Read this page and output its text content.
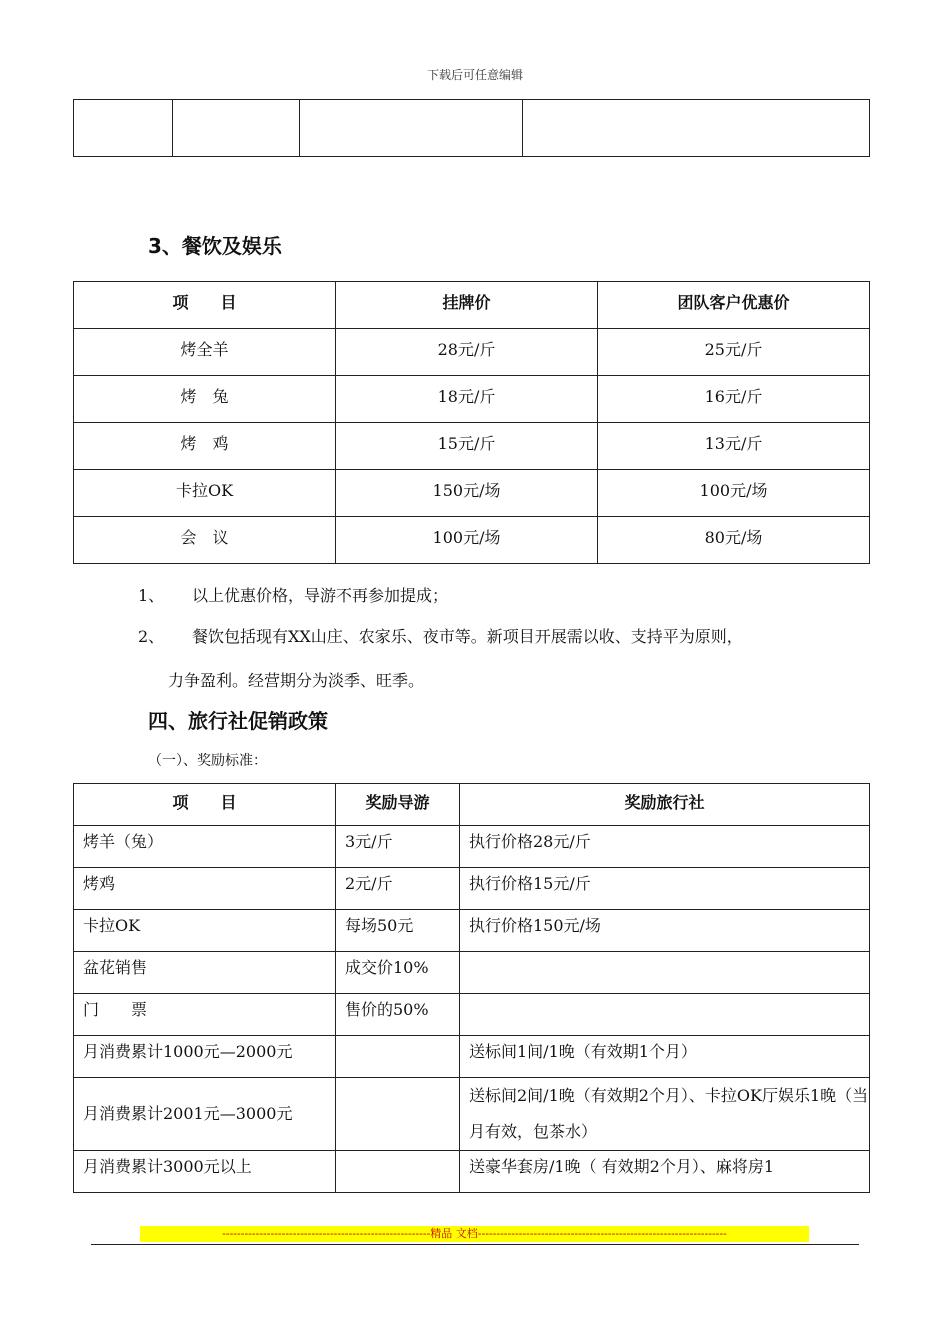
下载后可任意编辑

3、餐饮及娱乐
项　　目	挂牌价	团队客户优惠价
烤全羊	28元/斤	25元/斤
烤　兔	18元/斤	16元/斤
烤　鸡	15元/斤	13元/斤
卡拉OK	150元/场	100元/场
会　议	100元/场	80元/场
1、 以上优惠价格，导游不再参加提成；
2、 餐饮包括现有XX山庄、农家乐、夜市等。新项目开展需以收、支持平为原则，
力争盈利。经营期分为淡季、旺季。
四、旅行社促销政策
（一）、奖励标准：
项　　目	奖励导游	奖励旅行社
烤羊（兔）	3元/斤	执行价格28元/斤
烤鸡	2元/斤	执行价格15元/斤
卡拉OK	每场50元	执行价格150元/场
盆花销售	成交价10%	
门　　票	售价的50%	
月消费累计1000元—2000元		送标间1间/1晚（有效期1个月）
月消费累计2001元—3000元		送标间2间/1晚（有效期2个月）、卡拉OK厅娱乐1晚（当月有效，包茶水）
月消费累计3000元以上		送豪华套房/1晚（ 有效期2个月）、麻将房1
--------------------------------------------------------精品 文档-------------------------------------------------------------------
